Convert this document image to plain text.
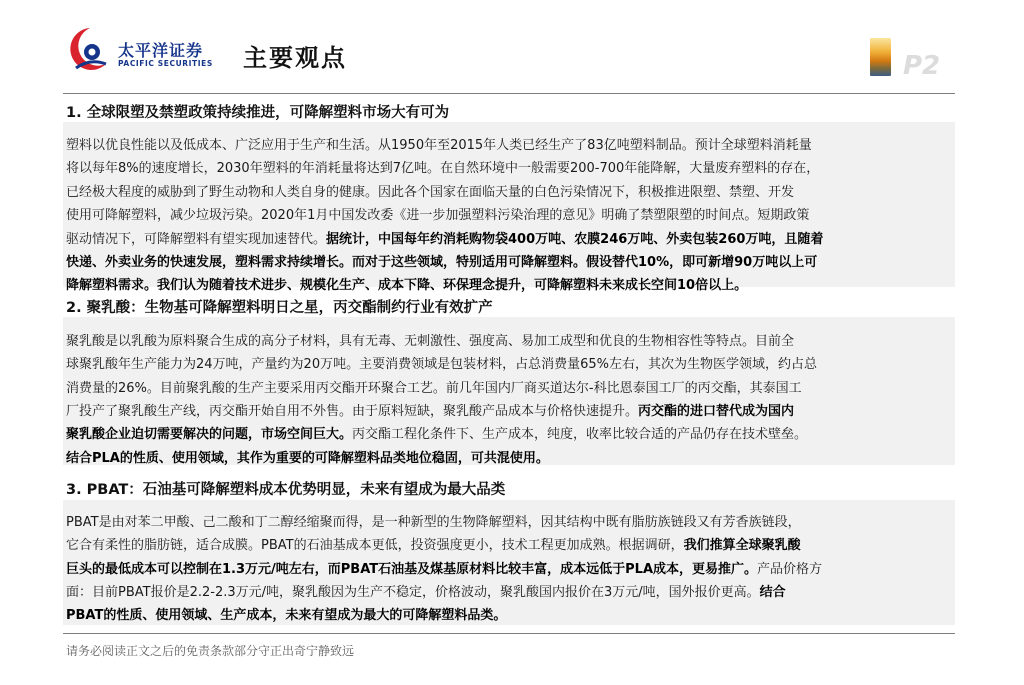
太平洋证券
PACIFIC SECURITIES 主要观点	P2
1. 全球限塑及禁塑政策持续推进，可降解塑料市场大有可为
塑料以优良性能以及低成本、广泛应用于生产和生活。从1950年至2015年人类已经生产了83亿吨塑料制品。预计全球塑料消耗量
将以每年8%的速度增长，2030年塑料的年消耗量将达到7亿吨。在自然环境中一般需要200-700年能降解，大量废弃塑料的存在，
已经极大程度的威胁到了野生动物和人类自身的健康。因此各个国家在面临天量的白色污染情况下，积极推进限塑、禁塑、开发
使用可降解塑料，减少垃圾污染。2020年1月中国发改委《进一步加强塑料污染治理的意见》明确了禁塑限塑的时间点。短期政策
驱动情况下，可降解塑料有望实现加速替代。据统计，中国每年约消耗购物袋400万吨、农膜246万吨、外卖包装260万吨，且随着
快递、外卖业务的快速发展，塑料需求持续增长。而对于这些领域，特别适用可降解塑料。假设替代10%，即可新增90万吨以上可
降解塑料需求。我们认为随着技术进步、规模化生产、成本下降、环保理念提升，可降解塑料未来成长空间10倍以上。
2. 聚乳酸：生物基可降解塑料明日之星，丙交酯制约行业有效扩产
聚乳酸是以乳酸为原料聚合生成的高分子材料，具有无毒、无刺激性、强度高、易加工成型和优良的生物相容性等特点。目前全
球聚乳酸年生产能力为24万吨，产量约为20万吨。主要消费领域是包装材料，占总消费量65%左右，其次为生物医学领域，约占总
消费量的26%。目前聚乳酸的生产主要采用丙交酯开环聚合工艺。前几年国内厂商买道达尔-科比恩泰国工厂的丙交酯，其泰国工
厂投产了聚乳酸生产线，丙交酯开始自用不外售。由于原料短缺，聚乳酸产品成本与价格快速提升。丙交酯的进口替代成为国内
聚乳酸企业迫切需要解决的问题，市场空间巨大。丙交酯工程化条件下、生产成本，纯度，收率比较合适的产品仍存在技术壁垒。
结合PLA的性质、使用领域，其作为重要的可降解塑料品类地位稳固，可共混使用。
3. PBAT：石油基可降解塑料成本优势明显，未来有望成为最大品类
PBAT是由对苯二甲酸、己二酸和丁二醇经缩聚而得，是一种新型的生物降解塑料，因其结构中既有脂肪族链段又有芳香族链段，
它合有柔性的脂肪链，适合成膜。PBAT的石油基成本更低，投资强度更小，技术工程更加成熟。根据调研，我们推算全球聚乳酸
巨头的最低成本可以控制在1.3万元/吨左右，而PBAT石油基及煤基原材料比较丰富，成本远低于PLA成本，更易推广。产品价格方
面：目前PBAT报价是2.2-2.3万元/吨，聚乳酸因为生产不稳定，价格波动，聚乳酸国内报价在3万元/吨，国外报价更高。结合
PBAT的性质、使用领域、生产成本，未来有望成为最大的可降解塑料品类。
请务必阅读正文之后的免责条款部分守正出奇宁静致远
